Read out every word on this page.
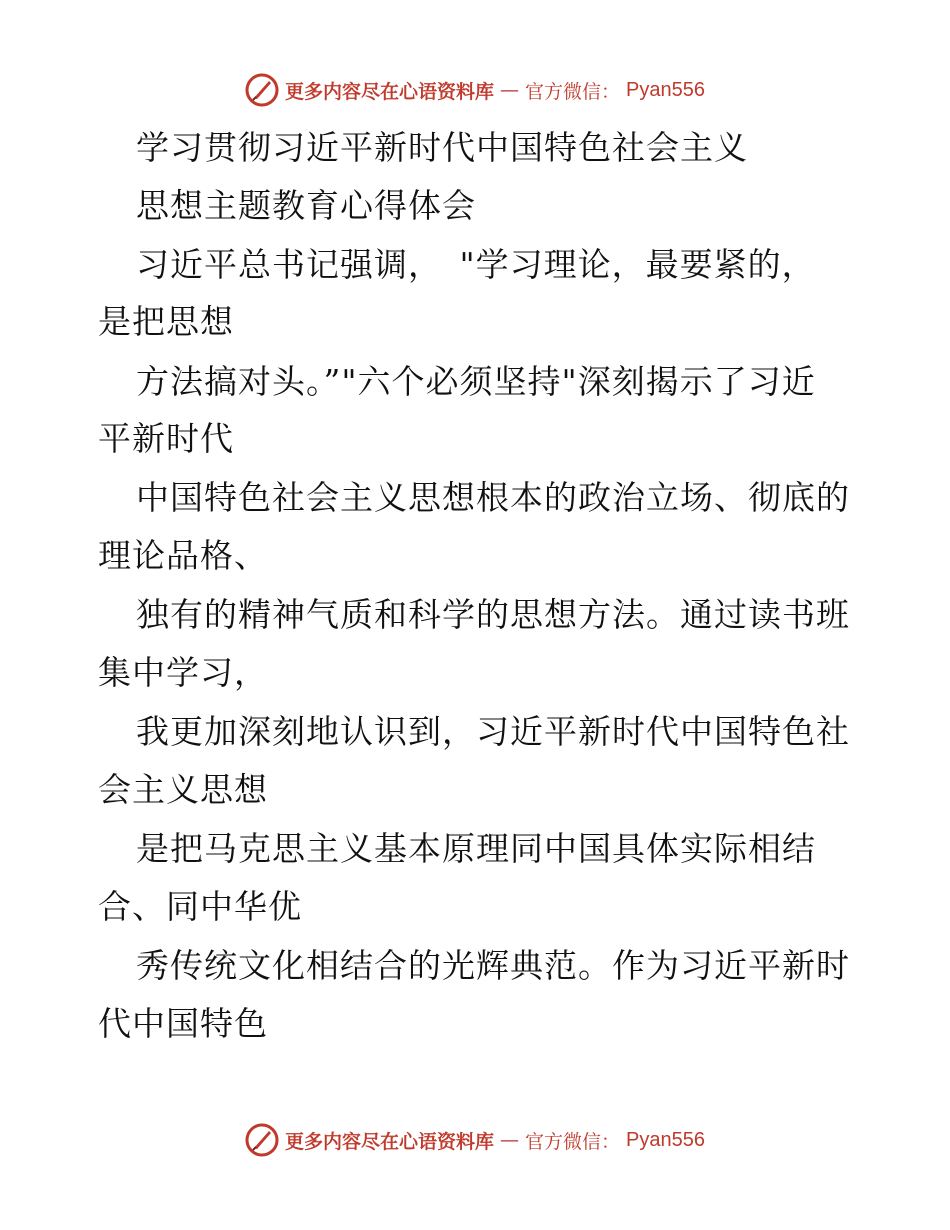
更多内容尽在心语资料库 — 官方微信： Pyan556
学习贯彻习近平新时代中国特色社会主义
思想主题教育心得体会
习近平总书记强调，　"学习理论，最要紧的，
是把思想
方法搞对头。”"六个必须坚持"深刻揭示了习近
平新时代
中国特色社会主义思想根本的政治立场、彻底的
理论品格、
独有的精神气质和科学的思想方法。通过读书班
集中学习，
我更加深刻地认识到，习近平新时代中国特色社
会主义思想
是把马克思主义基本原理同中国具体实际相结
合、同中华优
秀传统文化相结合的光辉典范。作为习近平新时
代中国特色
更多内容尽在心语资料库 — 官方微信： Pyan556
